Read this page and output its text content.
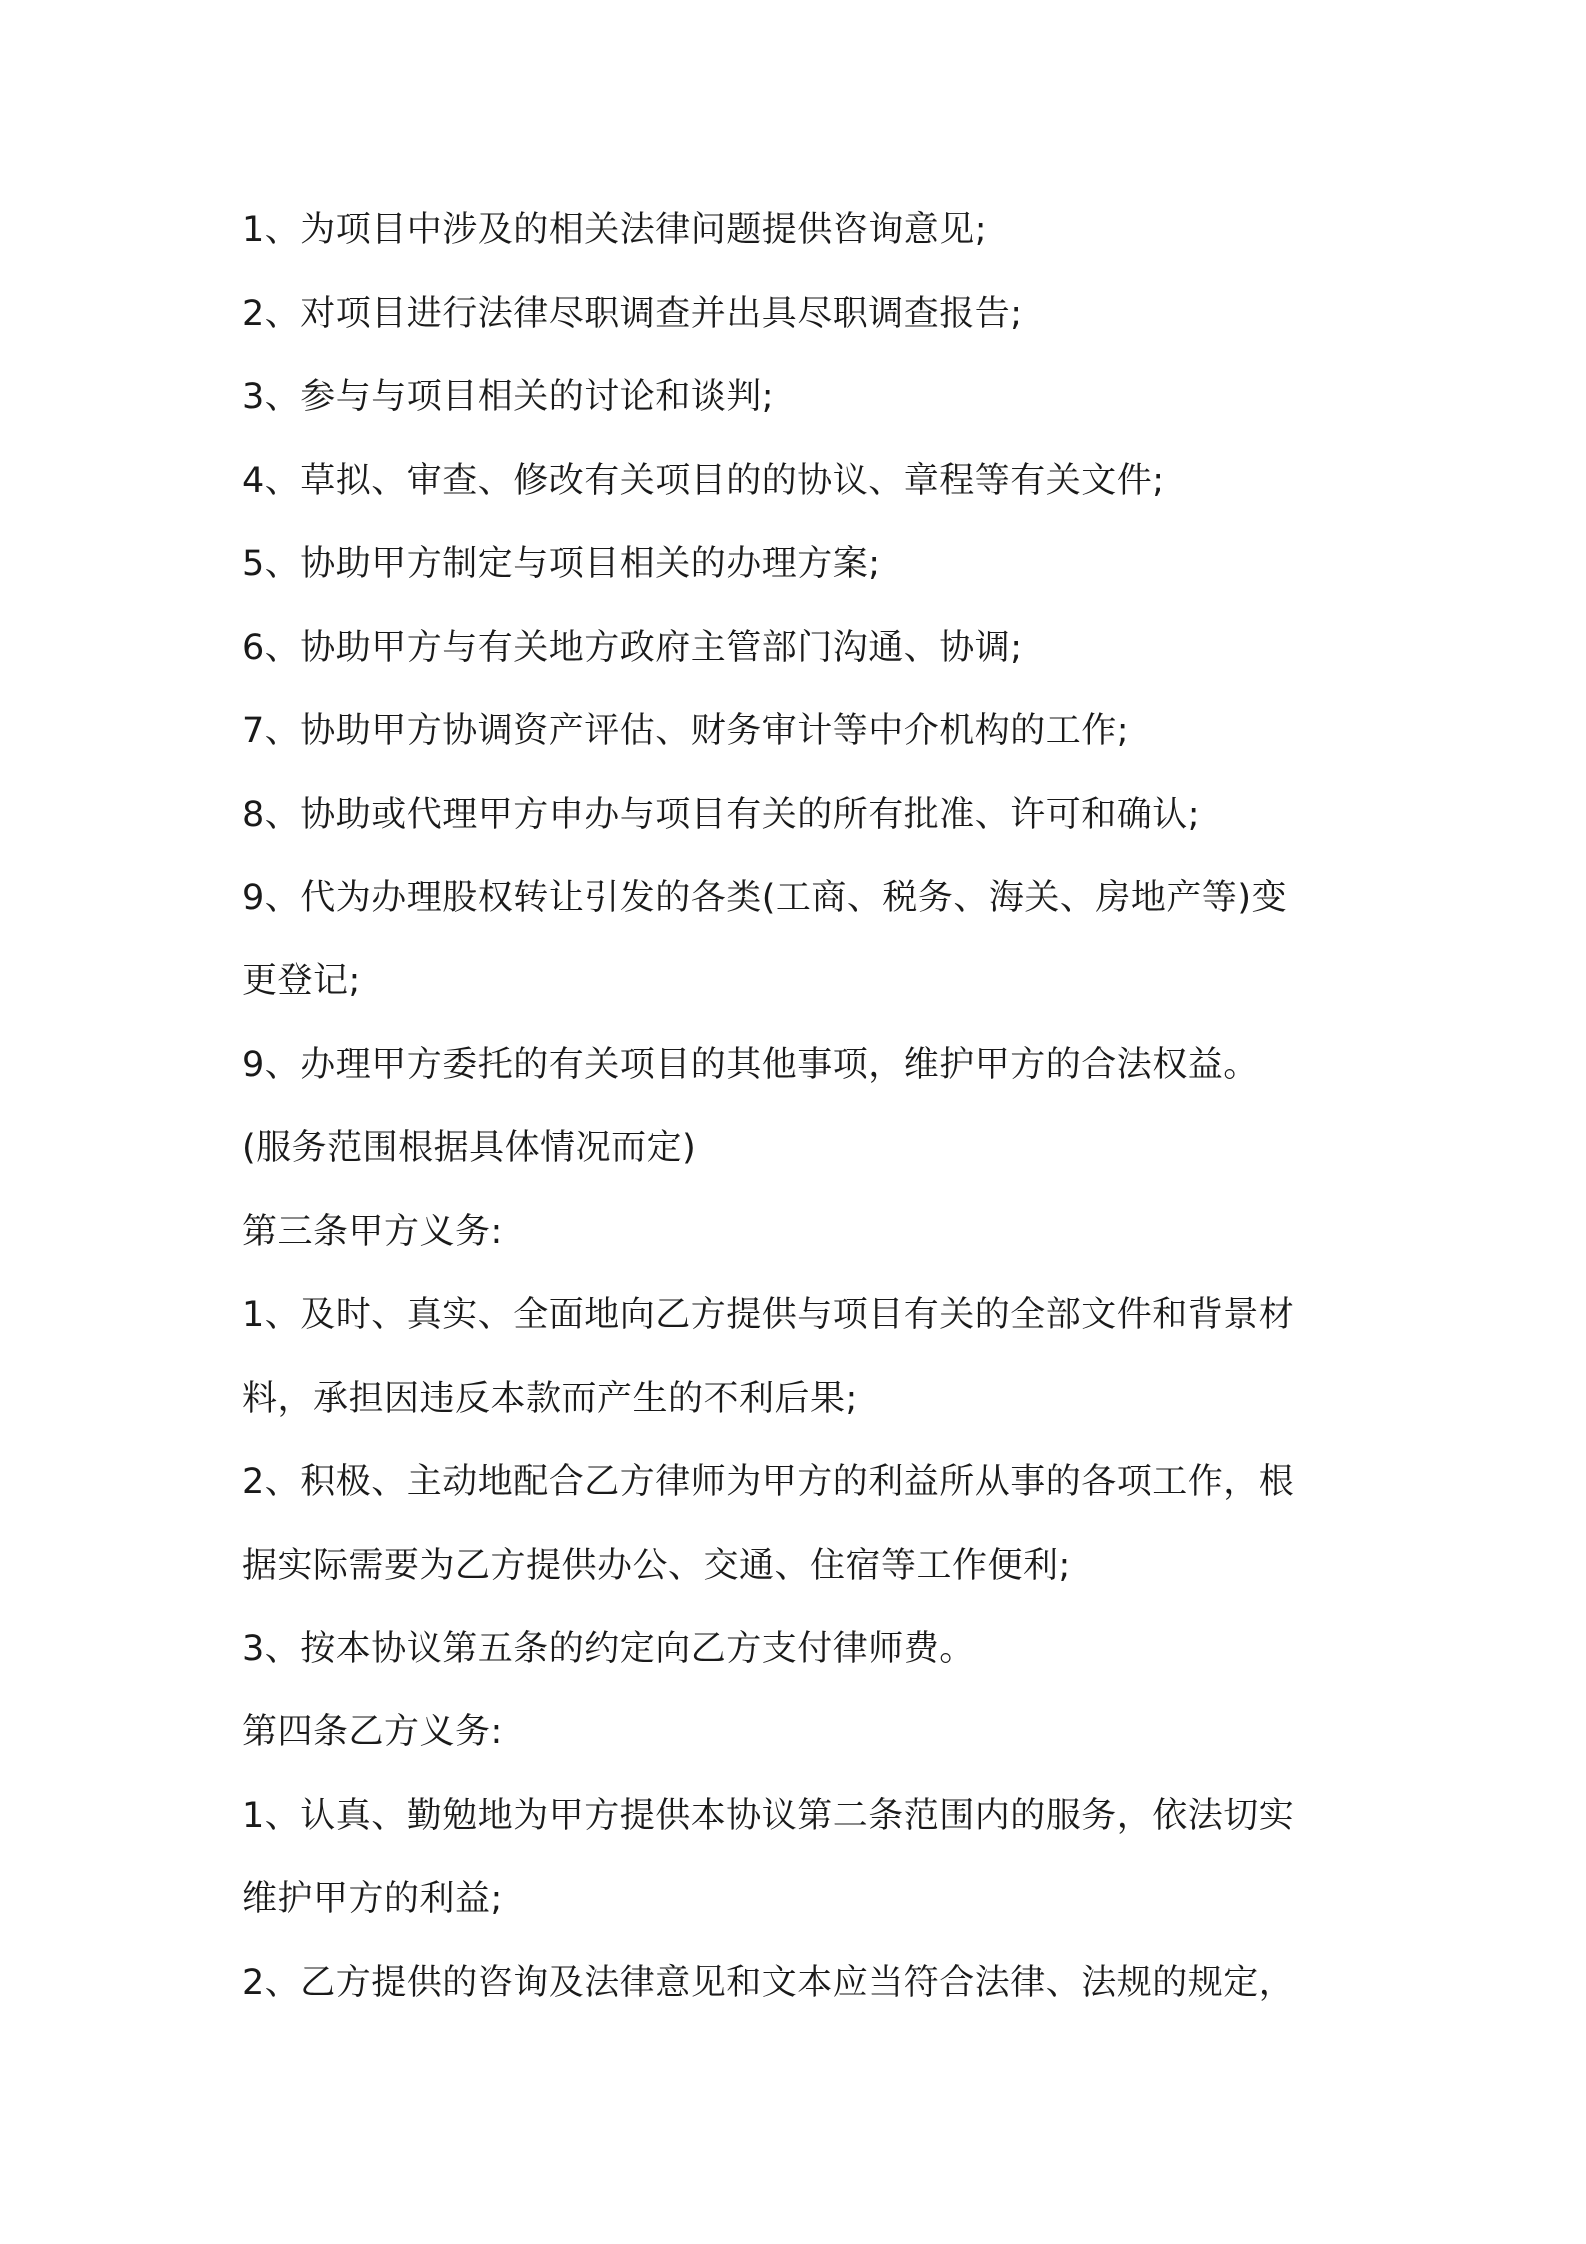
1、为项目中涉及的相关法律问题提供咨询意见;

2、对项目进行法律尽职调查并出具尽职调查报告;

3、参与与项目相关的讨论和谈判;

4、草拟、审查、修改有关项目的的协议、章程等有关文件;

5、协助甲方制定与项目相关的办理方案;

6、协助甲方与有关地方政府主管部门沟通、协调;

7、协助甲方协调资产评估、财务审计等中介机构的工作;

8、协助或代理甲方申办与项目有关的所有批准、许可和确认;

9、代为办理股权转让引发的各类(工商、税务、海关、房地产等)变

更登记;

9、办理甲方委托的有关项目的其他事项，维护甲方的合法权益。

(服务范围根据具体情况而定)

第三条甲方义务:

1、及时、真实、全面地向乙方提供与项目有关的全部文件和背景材

料，承担因违反本款而产生的不利后果;

2、积极、主动地配合乙方律师为甲方的利益所从事的各项工作，根

据实际需要为乙方提供办公、交通、住宿等工作便利;

3、按本协议第五条的约定向乙方支付律师费。

第四条乙方义务:

1、认真、勤勉地为甲方提供本协议第二条范围内的服务，依法切实

维护甲方的利益;

2、乙方提供的咨询及法律意见和文本应当符合法律、法规的规定，
